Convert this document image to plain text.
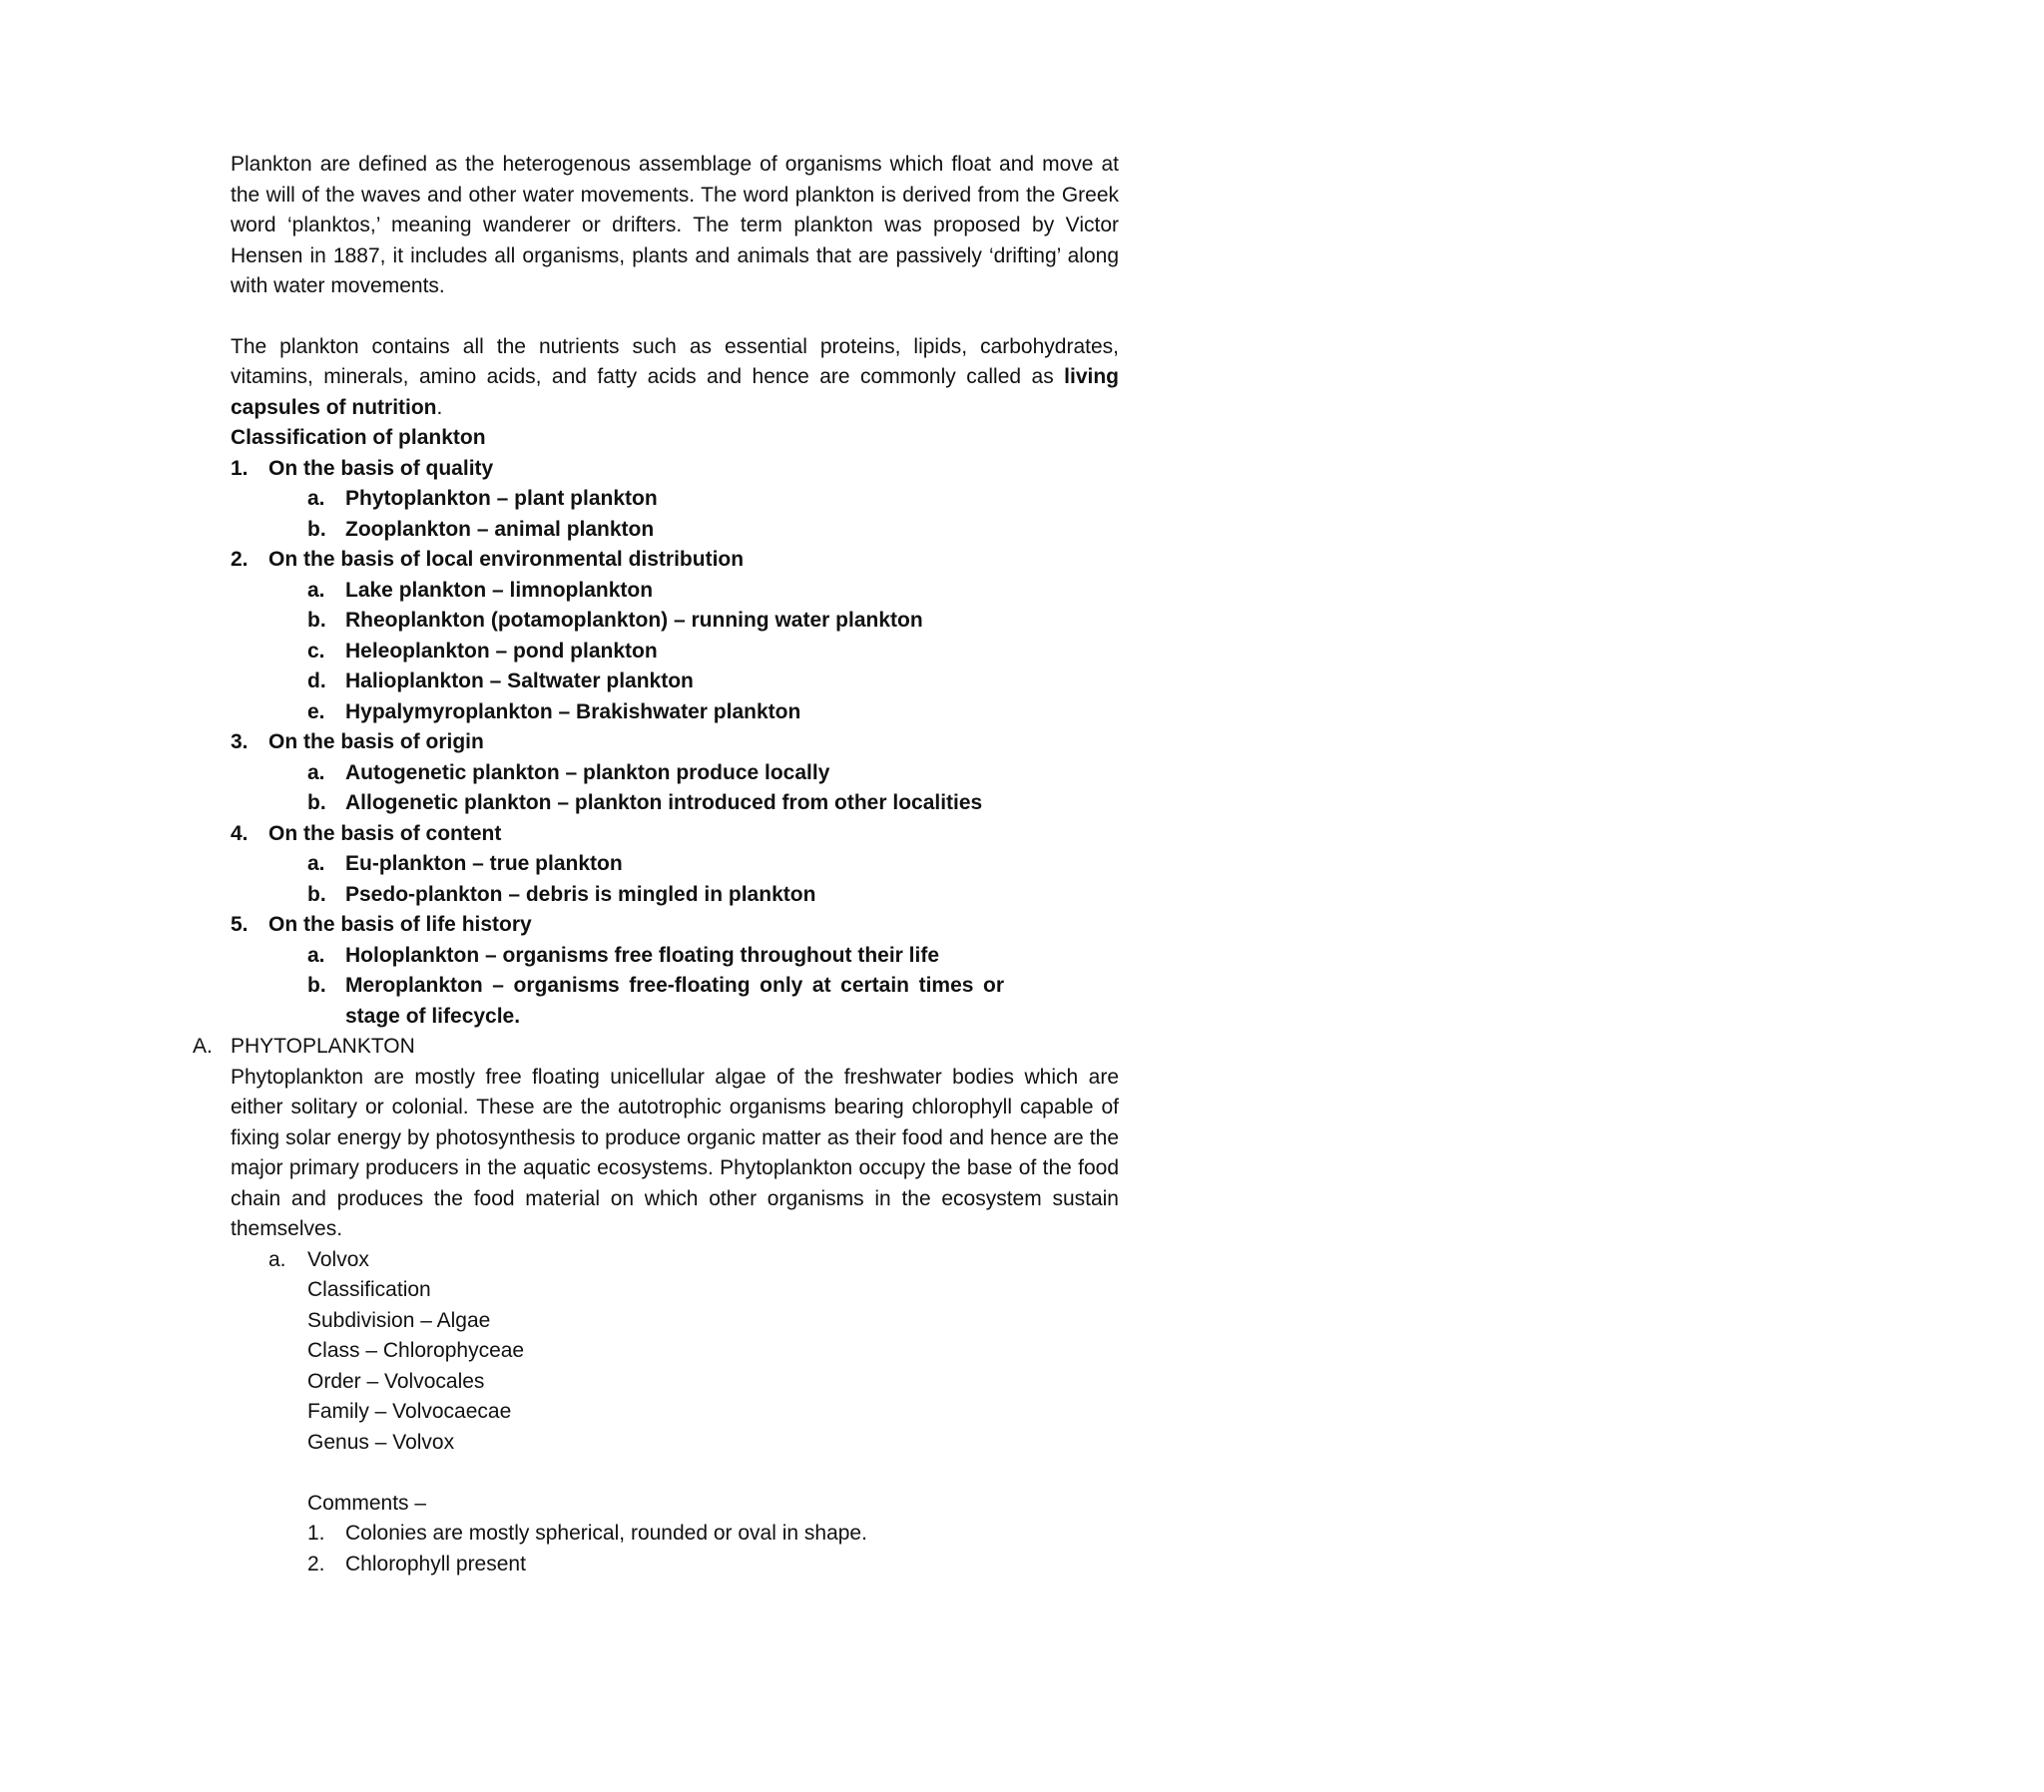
Plankton are defined as the heterogenous assemblage of organisms which float and move at the will of the waves and other water movements. The word plankton is derived from the Greek word ‘planktos,’ meaning wanderer or drifters. The term plankton was proposed by Victor Hensen in 1887, it includes all organisms, plants and animals that are passively ‘drifting’ along with water movements.

The plankton contains all the nutrients such as essential proteins, lipids, carbohydrates, vitamins, minerals, amino acids, and fatty acids and hence are commonly called as living capsules of nutrition.

Classification of plankton

1. On the basis of quality
a. Phytoplankton – plant plankton
b. Zooplankton – animal plankton
2. On the basis of local environmental distribution
a. Lake plankton – limnoplankton
b. Rheoplankton (potamoplankton) – running water plankton
c. Heleoplankton – pond plankton
d. Halioplankton – Saltwater plankton
e. Hypalymyroplankton – Brakishwater plankton
3. On the basis of origin
a. Autogenetic plankton – plankton produce locally
b. Allogenetic plankton – plankton introduced from other localities
4. On the basis of content
a. Eu-plankton – true plankton
b. Psedo-plankton – debris is mingled in plankton
5. On the basis of life history
a. Holoplankton – organisms free floating throughout their life
b. Meroplankton – organisms free-floating only at certain times or stage of lifecycle.
A. PHYTOPLANKTON

Phytoplankton are mostly free floating unicellular algae of the freshwater bodies which are either solitary or colonial. These are the autotrophic organisms bearing chlorophyll capable of fixing solar energy by photosynthesis to produce organic matter as their food and hence are the major primary producers in the aquatic ecosystems. Phytoplankton occupy the base of the food chain and produces the food material on which other organisms in the ecosystem sustain themselves.

a. Volvox
Classification
Subdivision – Algae
Class – Chlorophyceae
Order – Volvocales
Family – Volvocaecae
Genus – Volvox
Comments –
1. Colonies are mostly spherical, rounded or oval in shape.
2. Chlorophyll present
